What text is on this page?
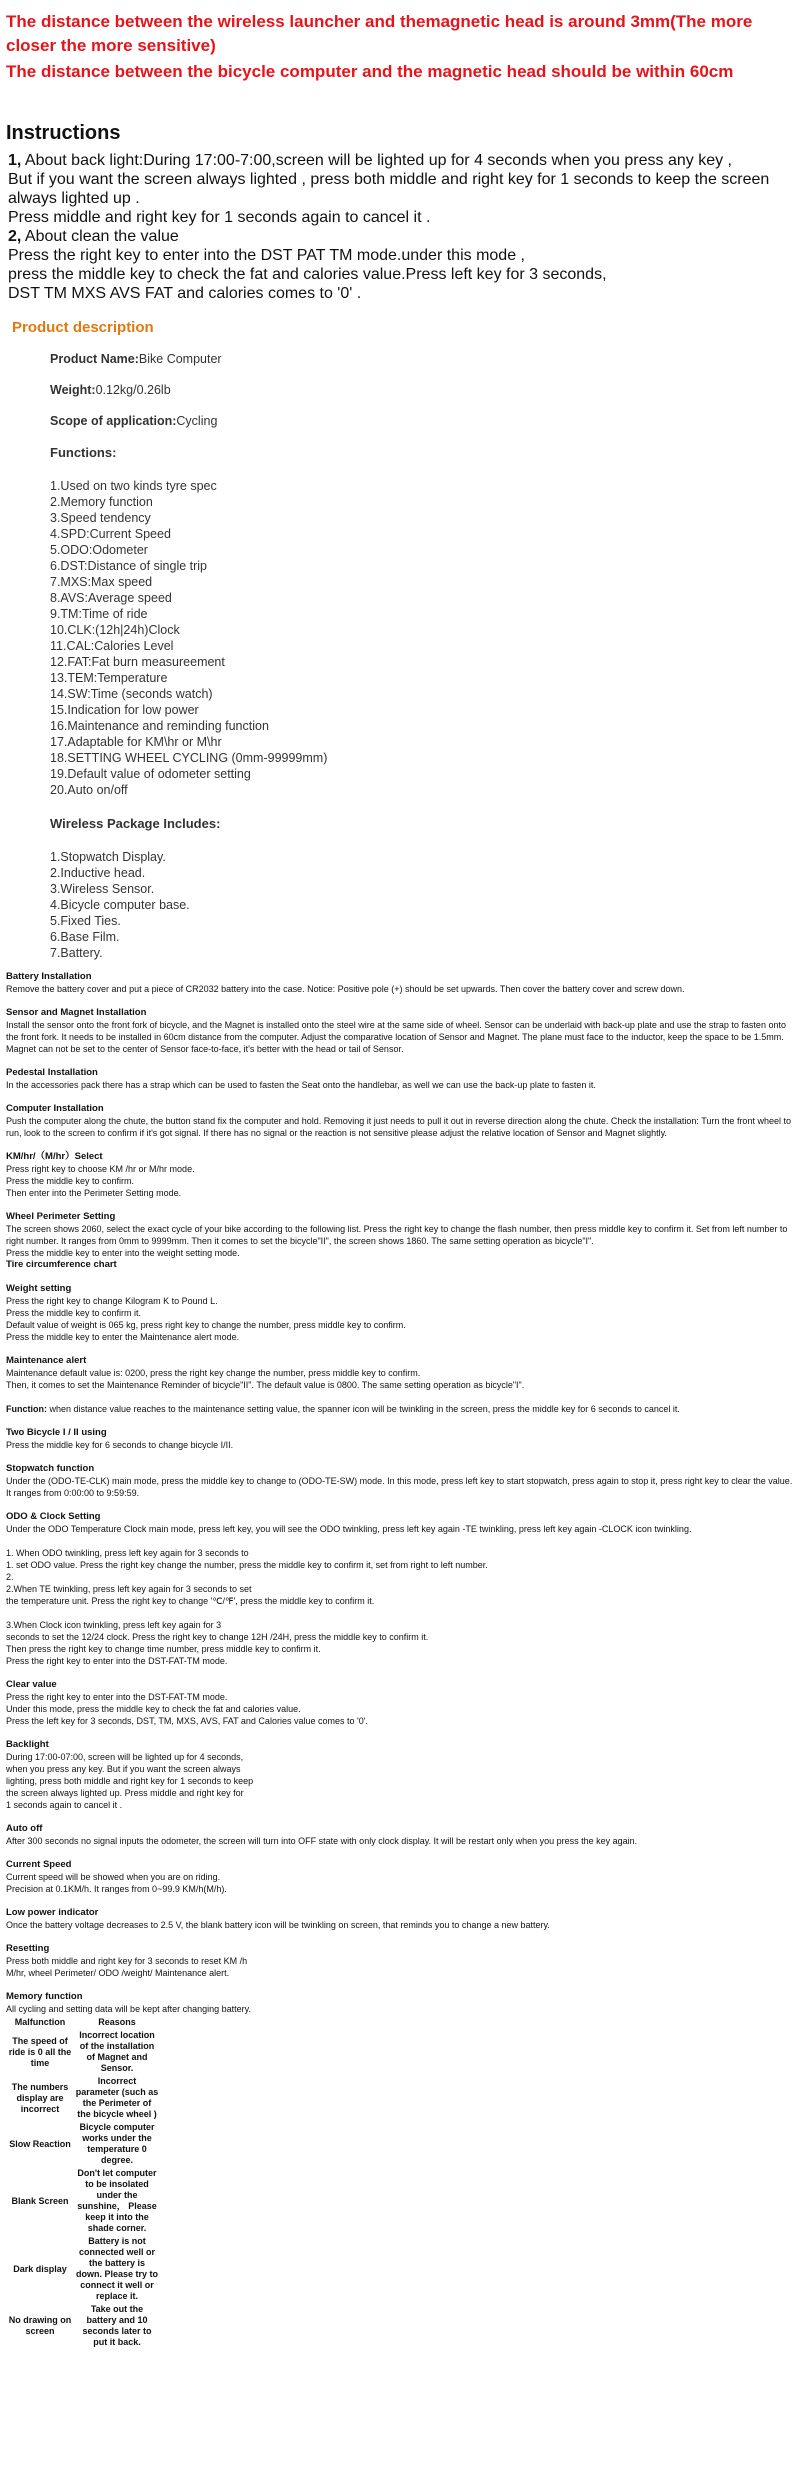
The distance between the wireless launcher and themagnetic head is around 3mm(The more closer the more sensitive)

The distance between the bicycle computer and the magnetic head should be within 60cm

Instructions

1, About back light:During 17:00-7:00,screen will be lighted up for 4 seconds when you press any key ,

But if you want the screen always lighted , press both middle and right key for 1 seconds to keep the screen always lighted up .

Press middle and right key for 1 seconds again to cancel it .

2, About clean the value

Press the right key to enter into the DST PAT TM mode.under this mode ,

press the middle key to check the fat and calories value.Press left key for 3 seconds,

DST TM MXS AVS FAT and calories comes to '0' .

Product description
Product Name:Bike Computer
Weight:0.12kg/0.26lb
Scope of application:Cycling
Functions:
1.Used on two kinds tyre spec
2.Memory function
3.Speed tendency
4.SPD:Current Speed
5.ODO:Odometer
6.DST:Distance of single trip
7.MXS:Max speed
8.AVS:Average speed
9.TM:Time of ride
10.CLK:(12h|24h)Clock
11.CAL:Calories Level
12.FAT:Fat burn measureement
13.TEM:Temperature
14.SW:Time (seconds watch)
15.Indication for low power
16.Maintenance and reminding function
17.Adaptable for KM\hr or M\hr
18.SETTING WHEEL CYCLING (0mm-99999mm)
19.Default value of odometer setting
20.Auto on/off
Wireless Package Includes:
1.Stopwatch Display.
2.Inductive head.
3.Wireless Sensor.
4.Bicycle computer base.
5.Fixed Ties.
6.Base Film.
7.Battery.
Battery Installation
Remove the battery cover and put a piece of CR2032 battery into the case. Notice: Positive pole (+) should be set upwards. Then cover the battery cover and screw down.
Sensor and Magnet Installation
Install the sensor onto the front fork of bicycle, and the Magnet is installed onto the steel wire at the same side of wheel. Sensor can be underlaid with back-up plate and use the strap to fasten onto the front fork. It needs to be installed in 60cm distance from the computer. Adjust the comparative location of Sensor and Magnet. The plane must face to the inductor, keep the space to be 1.5mm. Magnet can not be set to the center of Sensor face-to-face, it's better with the head or tail of Sensor.
Pedestal Installation
In the accessories pack there has a strap which can be used to fasten the Seat onto the handlebar, as well we can use the back-up plate to fasten it.
Computer Installation
Push the computer along the chute, the button stand fix the computer and hold. Removing it just needs to pull it out in reverse direction along the chute. Check the installation: Turn the front wheel to run, look to the screen to confirm if it's got signal. If there has no signal or the reaction is not sensitive please adjust the relative location of Sensor and Magnet slightly.
KM/hr/（M/hr）Select
Press right key to choose KM /hr or M/hr mode.
Press the middle key to confirm.
Then enter into the Perimeter Setting mode.
Wheel Perimeter Setting
The screen shows 2060, select the exact cycle of your bike according to the following list. Press the right key to change the flash number, then press middle key to confirm it. Set from left number to right number. It ranges from 0mm to 9999mm. Then it comes to set the bicycle"II", the screen shows 1860. The same setting operation as bicycle"I".
Press the middle key to enter into the weight setting mode.
Tire circumference chart
Weight setting
Press the right key to change Kilogram K to Pound L.
Press the middle key to confirm it.
Default value of weight is 065 kg, press right key to change the number, press middle key to confirm.
Press the middle key to enter the Maintenance alert mode.
Maintenance alert
Maintenance default value is: 0200, press the right key change the number, press middle key to confirm.
Then, it comes to set the Maintenance Reminder of bicycle"II". The default value is 0800. The same setting operation as bicycle"I".
Function: when distance value reaches to the maintenance setting value, the spanner icon will be twinkling in the screen, press the middle key for 6 seconds to cancel it.
Two Bicycle I / II using
Press the middle key for 6 seconds to change bicycle I/II.
Stopwatch function
Under the (ODO-TE-CLK) main mode, press the middle key to change to (ODO-TE-SW) mode. In this mode, press left key to start stopwatch, press again to stop it, press right key to clear the value. It ranges from 0:00:00 to 9:59:59.
ODO & Clock Setting
Under the ODO Temperature Clock main mode, press left key, you will see the ODO twinkling, press left key again -TE twinkling, press left key again -CLOCK icon twinkling.

1. When ODO twinkling, press left key again for 3 seconds to
1. set ODO value. Press the right key change the number, press the middle key to confirm it, set from right to left number.
2.
2.When TE twinkling, press left key again for 3 seconds to set
the temperature unit. Press the right key to change '℃/℉', press the middle key to confirm it.

3.When Clock icon twinkling, press left key again for 3
seconds to set the 12/24 clock. Press the right key to change 12H /24H, press the middle key to confirm it.
Then press the right key to change time number, press middle key to confirm it.
Press the right key to enter into the DST-FAT-TM mode.
Clear value
Press the right key to enter into the DST-FAT-TM mode.
Under this mode, press the middle key to check the fat and calories value.
Press the left key for 3 seconds, DST, TM, MXS, AVS, FAT and Calories value comes to '0'.
Backlight
During 17:00-07:00, screen will be lighted up for 4 seconds,
when you press any key. But if you want the screen always
lighting, press both middle and right key for 1 seconds to keep
the screen always lighted up. Press middle and right key for
1 seconds again to cancel it .
Auto off
After 300 seconds no signal inputs the odometer, the screen will turn into OFF state with only clock display. It will be restart only when you press the key again.
Current Speed
Current speed will be showed when you are on riding.
Precision at 0.1KM/h. It ranges from 0~99.9 KM/h(M/h).
Low power indicator
Once the battery voltage decreases to 2.5 V, the blank battery icon will be twinkling on screen, that reminds you to change a new battery.
Resetting
Press both middle and right key for 3 seconds to reset KM /h
M/hr, wheel Perimeter/ ODO /weight/ Maintenance alert.
Memory function
All cycling and setting data will be kept after changing battery.
Malfunction	Reasons
The speed of ride is 0 all the time	Incorrect location of the installation of Magnet and Sensor.
The numbers display are incorrect	Incorrect parameter (such as the Perimeter of the bicycle wheel )
Slow Reaction	Bicycle computer works under the temperature 0 degree.
Blank Screen	Don't let computer to be insolated under the sunshine， Please keep it into the shade corner.
Dark display	Battery is not connected well or the battery is down. Please try to connect it well or replace it.
No drawing on screen	Take out the battery and 10 seconds later to put it back.
